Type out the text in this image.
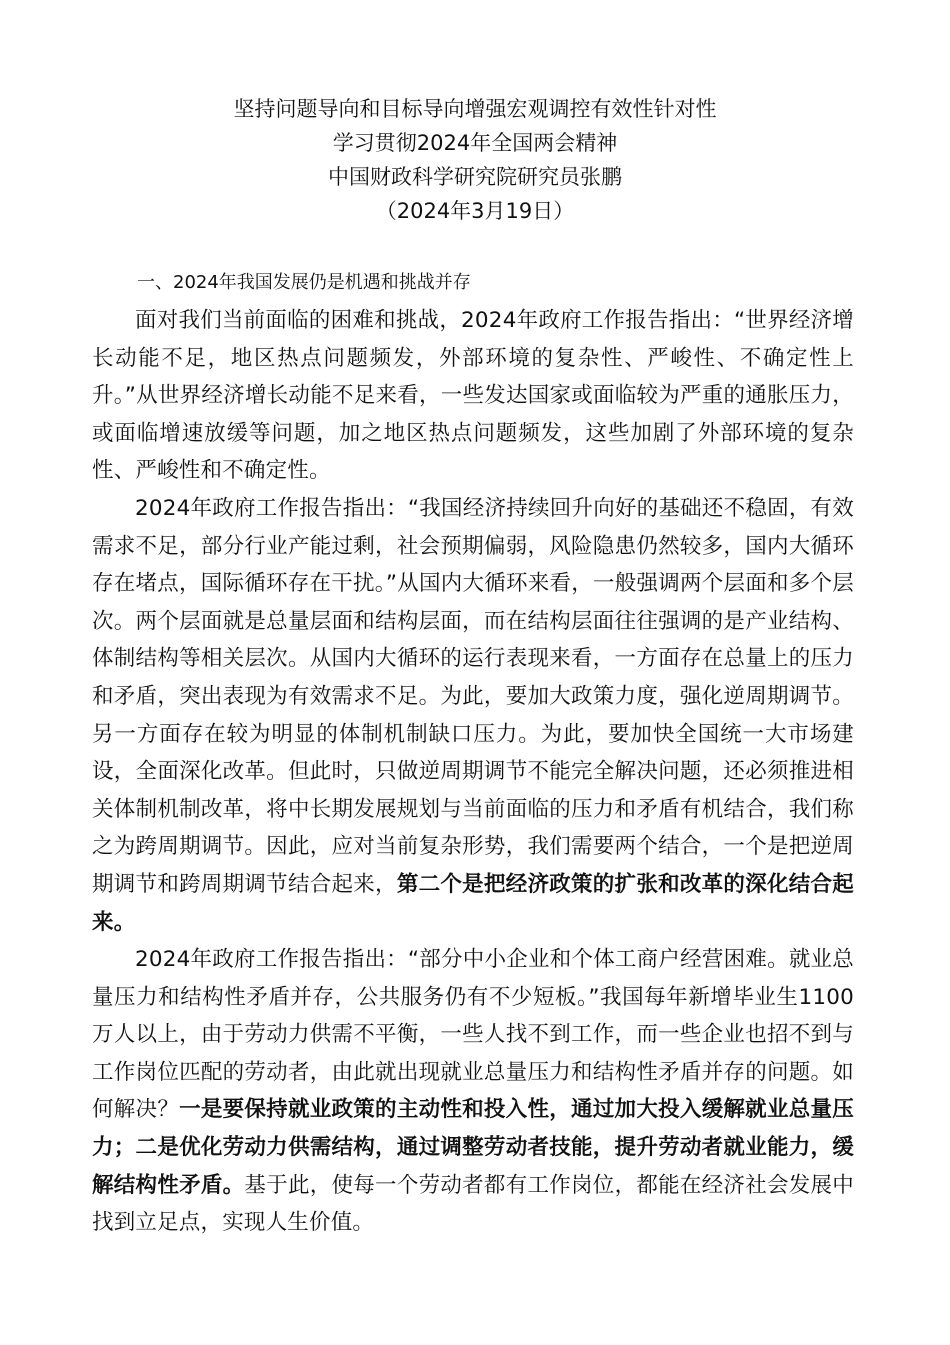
坚持问题导向和目标导向增强宏观调控有效性针对性
学习贯彻2024年全国两会精神
中国财政科学研究院研究员张鹏
（2024年3月19日）
一、2024年我国发展仍是机遇和挑战并存

面对我们当前面临的困难和挑战，2024年政府工作报告指出：“世界经济增长动能不足，地区热点问题频发，外部环境的复杂性、严峻性、不确定性上升。”从世界经济增长动能不足来看，一些发达国家或面临较为严重的通胀压力，或面临增速放缓等问题，加之地区热点问题频发，这些加剧了外部环境的复杂性、严峻性和不确定性。

2024年政府工作报告指出：“我国经济持续回升向好的基础还不稳固，有效需求不足，部分行业产能过剩，社会预期偏弱，风险隐患仍然较多，国内大循环存在堵点，国际循环存在干扰。”从国内大循环来看，一般强调两个层面和多个层次。两个层面就是总量层面和结构层面，而在结构层面往往强调的是产业结构、体制结构等相关层次。从国内大循环的运行表现来看，一方面存在总量上的压力和矛盾，突出表现为有效需求不足。为此，要加大政策力度，强化逆周期调节。另一方面存在较为明显的体制机制缺口压力。为此，要加快全国统一大市场建设，全面深化改革。但此时，只做逆周期调节不能完全解决问题，还必须推进相关体制机制改革，将中长期发展规划与当前面临的压力和矛盾有机结合，我们称之为跨周期调节。因此，应对当前复杂形势，我们需要两个结合，一个是把逆周期调节和跨周期调节结合起来，第二个是把经济政策的扩张和改革的深化结合起来。

2024年政府工作报告指出：“部分中小企业和个体工商户经营困难。就业总量压力和结构性矛盾并存，公共服务仍有不少短板。”我国每年新增毕业生1100万人以上，由于劳动力供需不平衡，一些人找不到工作，而一些企业也招不到与工作岗位匹配的劳动者，由此就出现就业总量压力和结构性矛盾并存的问题。如何解决？一是要保持就业政策的主动性和投入性，通过加大投入缓解就业总量压力；二是优化劳动力供需结构，通过调整劳动者技能，提升劳动者就业能力，缓解结构性矛盾。基于此，使每一个劳动者都有工作岗位，都能在经济社会发展中找到立足点，实现人生价值。
